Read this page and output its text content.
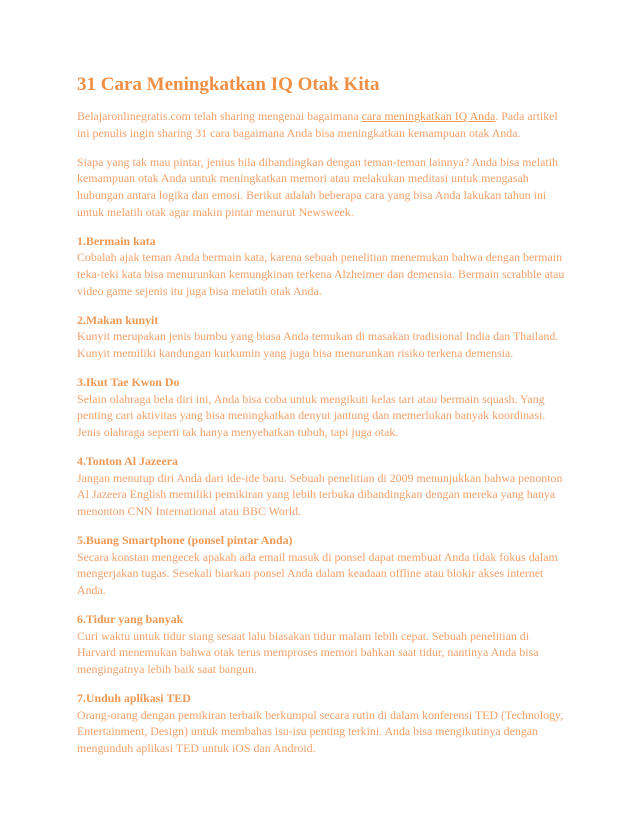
31 Cara Meningkatkan IQ Otak Kita

Belajaronlinegratis.com telah sharing mengenai bagaimana cara meningkatkan IQ Anda. Pada artikel ini penulis ingin sharing 31 cara bagaimana Anda bisa meningkatkan kemampuan otak Anda.

Siapa yang tak mau pintar, jenius bila dibandingkan dengan teman-teman lainnya? Anda bisa melatih kemampuan otak Anda untuk meningkatkan memori atau melakukan meditasi untuk mengasah hubungan antara logika dan emosi. Berikut adalah beberapa cara yang bisa Anda lakukan tahun ini untuk melatih otak agar makin pintar menurut Newsweek.

1.Bermain kata
Cobalah ajak teman Anda bermain kata, karena sebuah penelitian menemukan bahwa dengan bermain teka-teki kata bisa menurunkan kemungkinan terkena Alzheimer dan demensia. Bermain scrabble atau video game sejenis itu juga bisa melatih otak Anda.
2.Makan kunyit
Kunyit merupakan jenis bumbu yang biasa Anda temukan di masakan tradisional India dan Thailand. Kunyit memiliki kandungan kurkumin yang juga bisa menurunkan risiko terkena demensia.
3.Ikut Tae Kwon Do
Selain olahraga bela diri ini, Anda bisa coba untuk mengikuti kelas tari atau bermain squash. Yang penting cari aktivitas yang bisa meningkatkan denyut jantung dan memerlukan banyak koordinasi. Jenis olahraga seperti tak hanya menyehatkan tubuh, tapi juga otak.
4.Tonton Al Jazeera
Jangan menutup diri Anda dari ide-ide baru. Sebuah penelitian di 2009 menunjukkan bahwa penonton Al Jazeera English memiliki pemikiran yang lebih terbuka dibandingkan dengan mereka yang hanya menonton CNN International atau BBC World.
5.Buang Smartphone (ponsel pintar Anda)
Secara konstan mengecek apakah ada email masuk di ponsel dapat membuat Anda tidak fokus dalam mengerjakan tugas. Sesekali biarkan ponsel Anda dalam keadaan offline atau blokir akses internet Anda.
6.Tidur yang banyak
Curi waktu untuk tidur siang sesaat lalu biasakan tidur malam lebih cepat. Sebuah penelitian di Harvard menemukan bahwa otak terus memproses memori bahkan saat tidur, nantinya Anda bisa mengingatnya lebih baik saat bangun.
7.Unduh aplikasi TED
Orang-orang dengan pemikiran terbaik berkumpul secara rutin di dalam konferensi TED (Technology, Entertainment, Design) untuk membahas isu-isu penting terkini. Anda bisa mengikutinya dengan mengunduh aplikasi TED untuk iOS dan Android.
